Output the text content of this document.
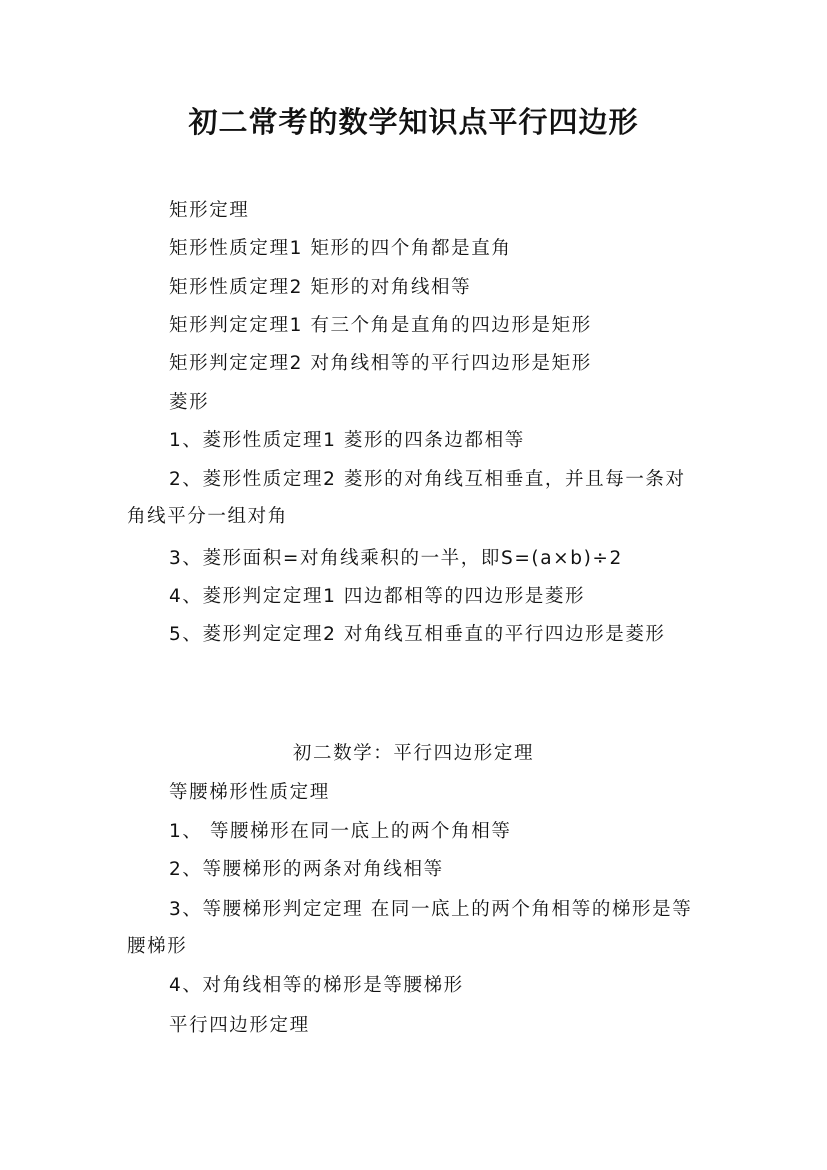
初二常考的数学知识点平行四边形
矩形定理
矩形性质定理1 矩形的四个角都是直角
矩形性质定理2 矩形的对角线相等
矩形判定定理1 有三个角是直角的四边形是矩形
矩形判定定理2 对角线相等的平行四边形是矩形
菱形
1、菱形性质定理1 菱形的四条边都相等
2、菱形性质定理2 菱形的对角线互相垂直，并且每一条对角线平分一组对角
3、菱形面积=对角线乘积的一半，即S=(a×b)÷2
4、菱形判定定理1 四边都相等的四边形是菱形
5、菱形判定定理2 对角线互相垂直的平行四边形是菱形
初二数学：平行四边形定理
等腰梯形性质定理
1、 等腰梯形在同一底上的两个角相等
2、等腰梯形的两条对角线相等
3、等腰梯形判定定理 在同一底上的两个角相等的梯形是等腰梯形
4、对角线相等的梯形是等腰梯形
平行四边形定理
